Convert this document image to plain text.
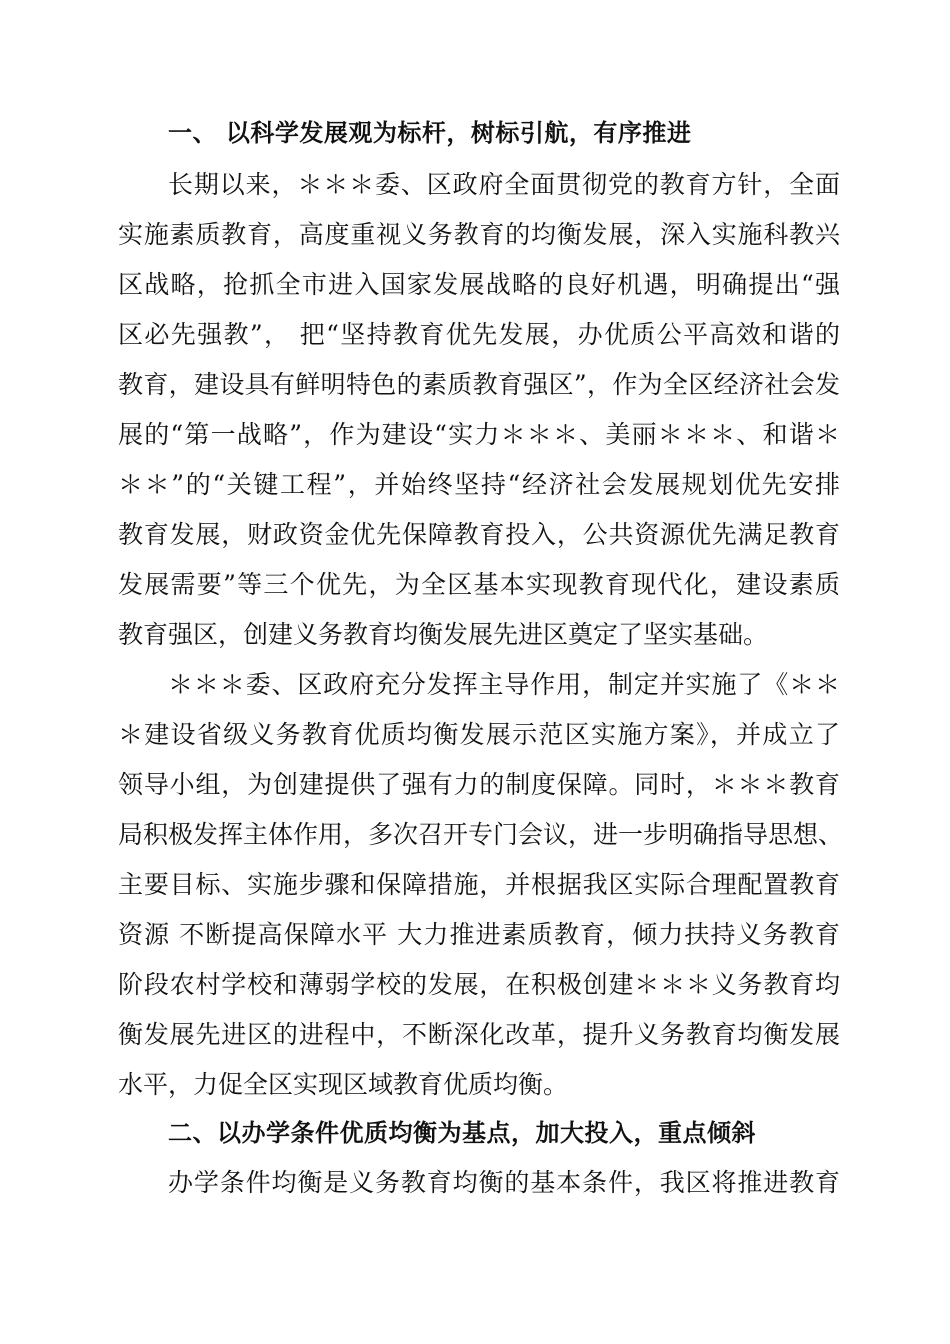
一、 以科学发展观为标杆，树标引航，有序推进
长期以来，＊＊＊委、区政府全面贯彻党的教育方针，全面
实施素质教育，高度重视义务教育的均衡发展，深入实施科教兴
区战略，抢抓全市进入国家发展战略的良好机遇，明确提出“强
区必先强教”， 把“坚持教育优先发展，办优质公平高效和谐的
教育，建设具有鲜明特色的素质教育强区”，作为全区经济社会发
展的“第一战略”，作为建设“实力＊＊＊、美丽＊＊＊、和谐＊
＊＊”的“关键工程”，并始终坚持“经济社会发展规划优先安排
教育发展，财政资金优先保障教育投入，公共资源优先满足教育
发展需要”等三个优先，为全区基本实现教育现代化，建设素质
教育强区，创建义务教育均衡发展先进区奠定了坚实基础。
＊＊＊委、区政府充分发挥主导作用，制定并实施了《＊＊
＊建设省级义务教育优质均衡发展示范区实施方案》，并成立了
领导小组，为创建提供了强有力的制度保障。同时，＊＊＊教育
局积极发挥主体作用，多次召开专门会议，进一步明确指导思想、
主要目标、实施步骤和保障措施，并根据我区实际合理配置教育
资源 不断提高保障水平 大力推进素质教育，倾力扶持义务教育
阶段农村学校和薄弱学校的发展，在积极创建＊＊＊义务教育均
衡发展先进区的进程中，不断深化改革，提升义务教育均衡发展
水平，力促全区实现区域教育优质均衡。
二、以办学条件优质均衡为基点，加大投入，重点倾斜
办学条件均衡是义务教育均衡的基本条件，我区将推进教育
